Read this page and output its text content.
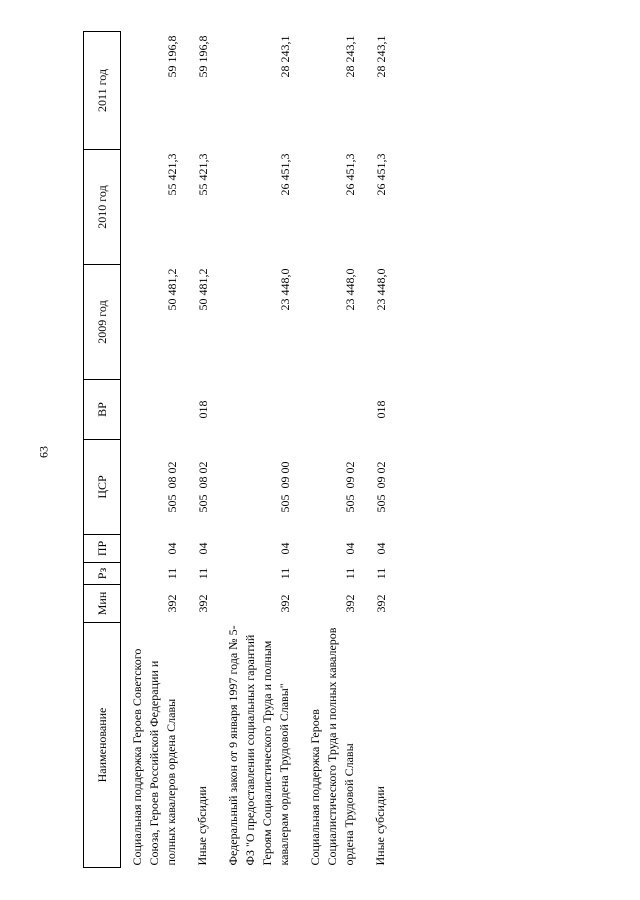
63
Наименование	Мин	Рз	ПР	ЦСР	ВР	2009 год	2010 год	2011 год
Социальная поддержка Героев Советского Союза, Героев Российской Федерации и полных кавалеров ордена Славы	392	11	04	505  08 02		50 481,2	55 421,3	59 196,8
Иные субсидии	392	11	04	505  08 02	018	50 481,2	55 421,3	59 196,8
Федеральный закон от 9 января 1997 года № 5-ФЗ "О предоставлении социальных гарантий Героям Социалистического Труда и полным кавалерам ордена Трудовой Славы"	392	11	04	505  09 00		23 448,0	26 451,3	28 243,1
Социальная поддержка Героев Социалистического Труда и полных кавалеров ордена Трудовой Славы	392	11	04	505  09 02		23 448,0	26 451,3	28 243,1
Иные субсидии	392	11	04	505  09 02	018	23 448,0	26 451,3	28 243,1
